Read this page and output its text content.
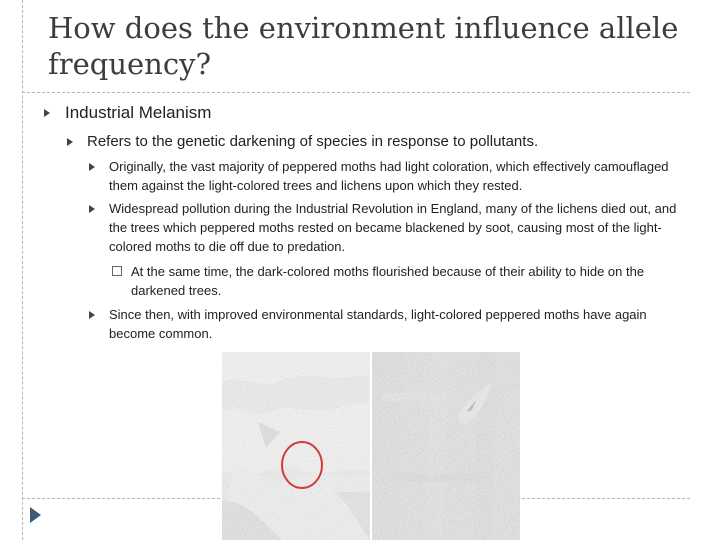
How does the environment influence allele frequency?
Industrial Melanism
Refers to the genetic darkening of species in response to pollutants.
Originally, the vast majority of peppered moths had light coloration, which effectively camouflaged them against the light-colored trees and lichens upon which they rested.
Widespread pollution during the Industrial Revolution in England, many of the lichens died out, and the trees which peppered moths rested on became blackened by soot, causing most of the light-colored moths to die off due to predation.
At the same time, the dark-colored moths flourished because of their ability to hide on the darkened trees.
Since then, with improved environmental standards, light-colored peppered moths have again become common.
